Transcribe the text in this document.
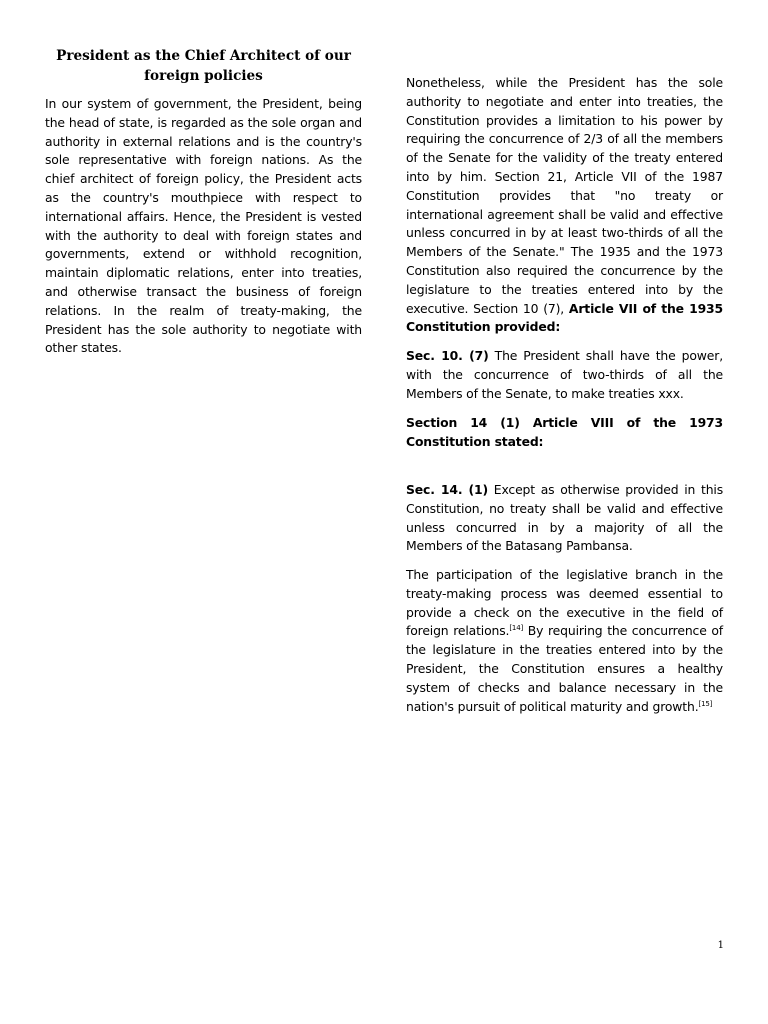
President as the Chief Architect of our foreign policies

In our system of government, the President, being the head of state, is regarded as the sole organ and authority in external relations and is the country's sole representative with foreign nations. As the chief architect of foreign policy, the President acts as the country's mouthpiece with respect to international affairs. Hence, the President is vested with the authority to deal with foreign states and governments, extend or withhold recognition, maintain diplomatic relations, enter into treaties, and otherwise transact the business of foreign relations. In the realm of treaty-making, the President has the sole authority to negotiate with other states.

Nonetheless, while the President has the sole authority to negotiate and enter into treaties, the Constitution provides a limitation to his power by requiring the concurrence of 2/3 of all the members of the Senate for the validity of the treaty entered into by him. Section 21, Article VII of the 1987 Constitution provides that "no treaty or international agreement shall be valid and effective unless concurred in by at least two-thirds of all the Members of the Senate." The 1935 and the 1973 Constitution also required the concurrence by the legislature to the treaties entered into by the executive. Section 10 (7), Article VII of the 1935 Constitution provided:

Sec. 10. (7) The President shall have the power, with the concurrence of two-thirds of all the Members of the Senate, to make treaties xxx.

Section 14 (1) Article VIII of the 1973 Constitution stated:

Sec. 14. (1) Except as otherwise provided in this Constitution, no treaty shall be valid and effective unless concurred in by a majority of all the Members of the Batasang Pambansa.

The participation of the legislative branch in the treaty-making process was deemed essential to provide a check on the executive in the field of foreign relations.[14] By requiring the concurrence of the legislature in the treaties entered into by the President, the Constitution ensures a healthy system of checks and balance necessary in the nation's pursuit of political maturity and growth.[15]

1
